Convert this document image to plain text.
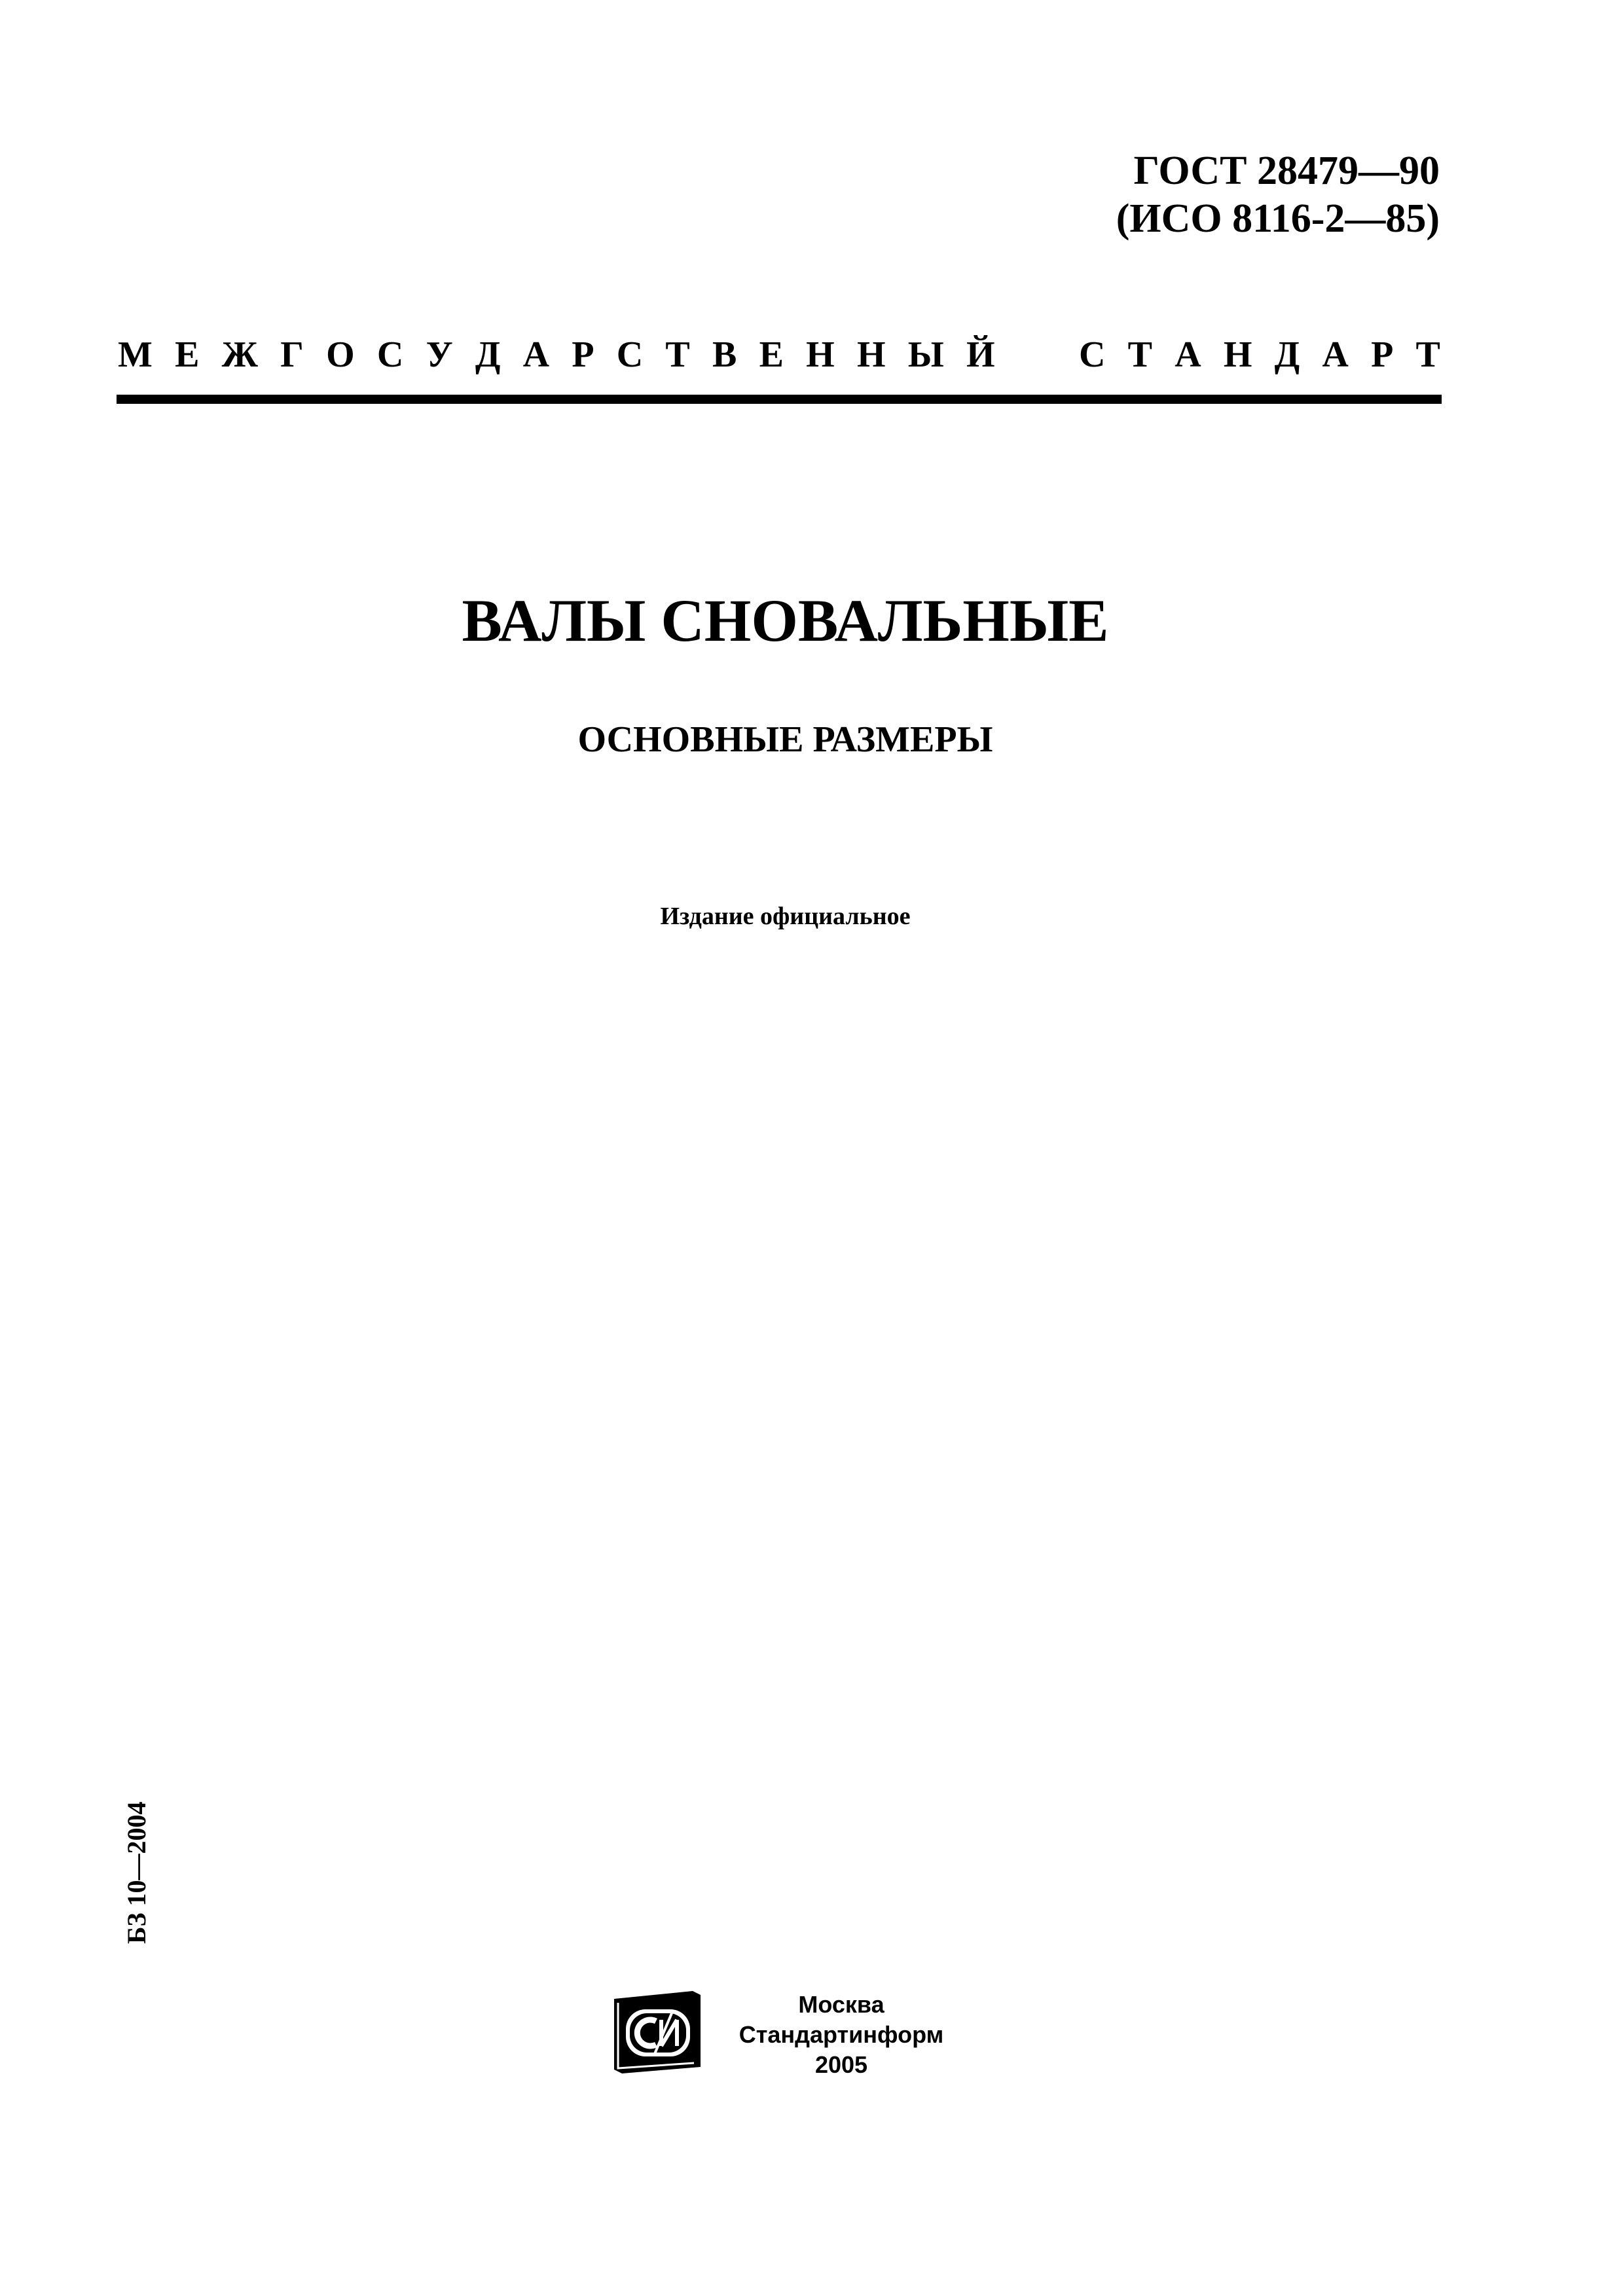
ГОСТ 28479—90
(ИСО 8116-2—85)
М Е Ж Г О С У Д А Р С Т В Е Н Н Ы Й С Т А Н Д А Р Т
ВАЛЫ СНОВАЛЬНЫЕ
ОСНОВНЫЕ РАЗМЕРЫ
Издание официальное
БЗ 10—2004
Москва
Стандартинформ
2005
